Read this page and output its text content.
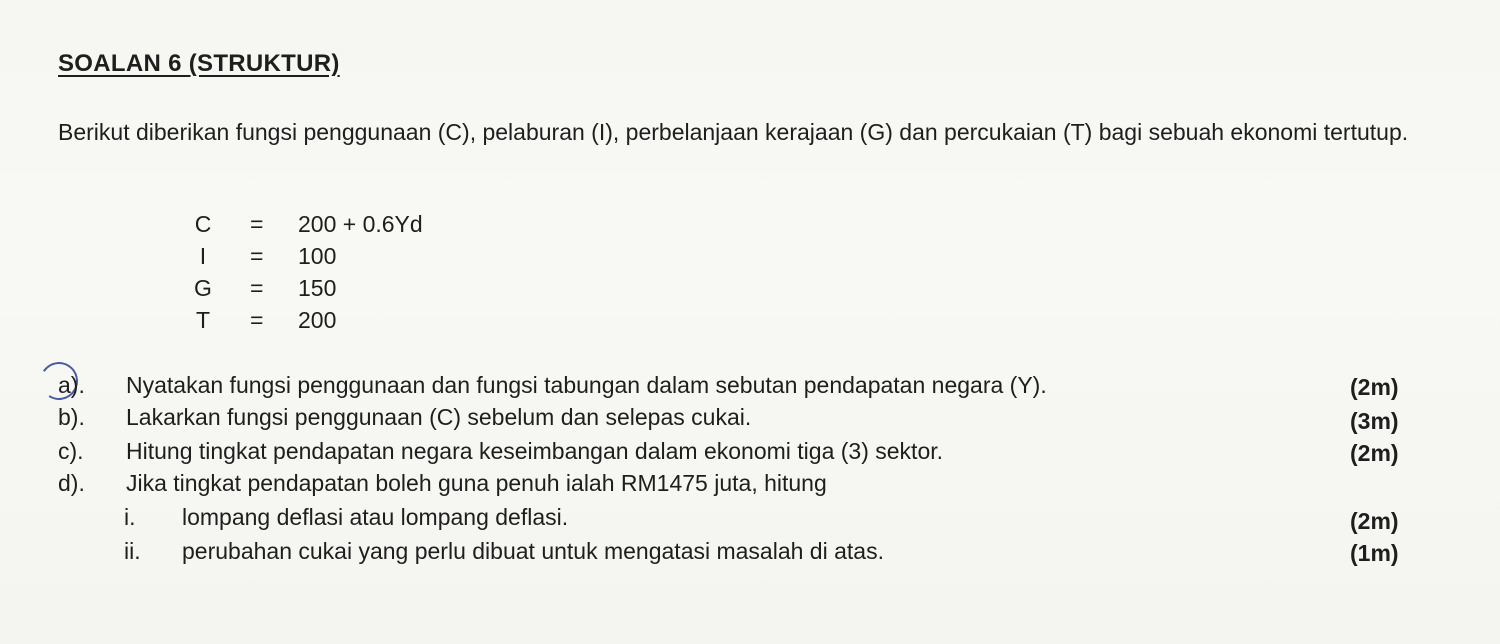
SOALAN 6 (STRUKTUR)
Berikut diberikan fungsi penggunaan (C), pelaburan (I), perbelanjaan kerajaan (G) dan percukaian (T) bagi sebuah ekonomi tertutup.
C = 200 + 0.6Yd
I	= 100
G = 150
T	= 200
a). Nyatakan fungsi penggunaan dan fungsi tabungan dalam sebutan pendapatan negara (Y).	(2m)
b). Lakarkan fungsi penggunaan (C) sebelum dan selepas cukai.	(3m)
c). Hitung tingkat pendapatan negara keseimbangan dalam ekonomi tiga (3) sektor.	(2m)
d). Jika tingkat pendapatan boleh guna penuh ialah RM1475 juta, hitung
i. lompang deflasi atau lompang deflasi.	(2m)
ii. perubahan cukai yang perlu dibuat untuk mengatasi masalah di atas.	(1m)
